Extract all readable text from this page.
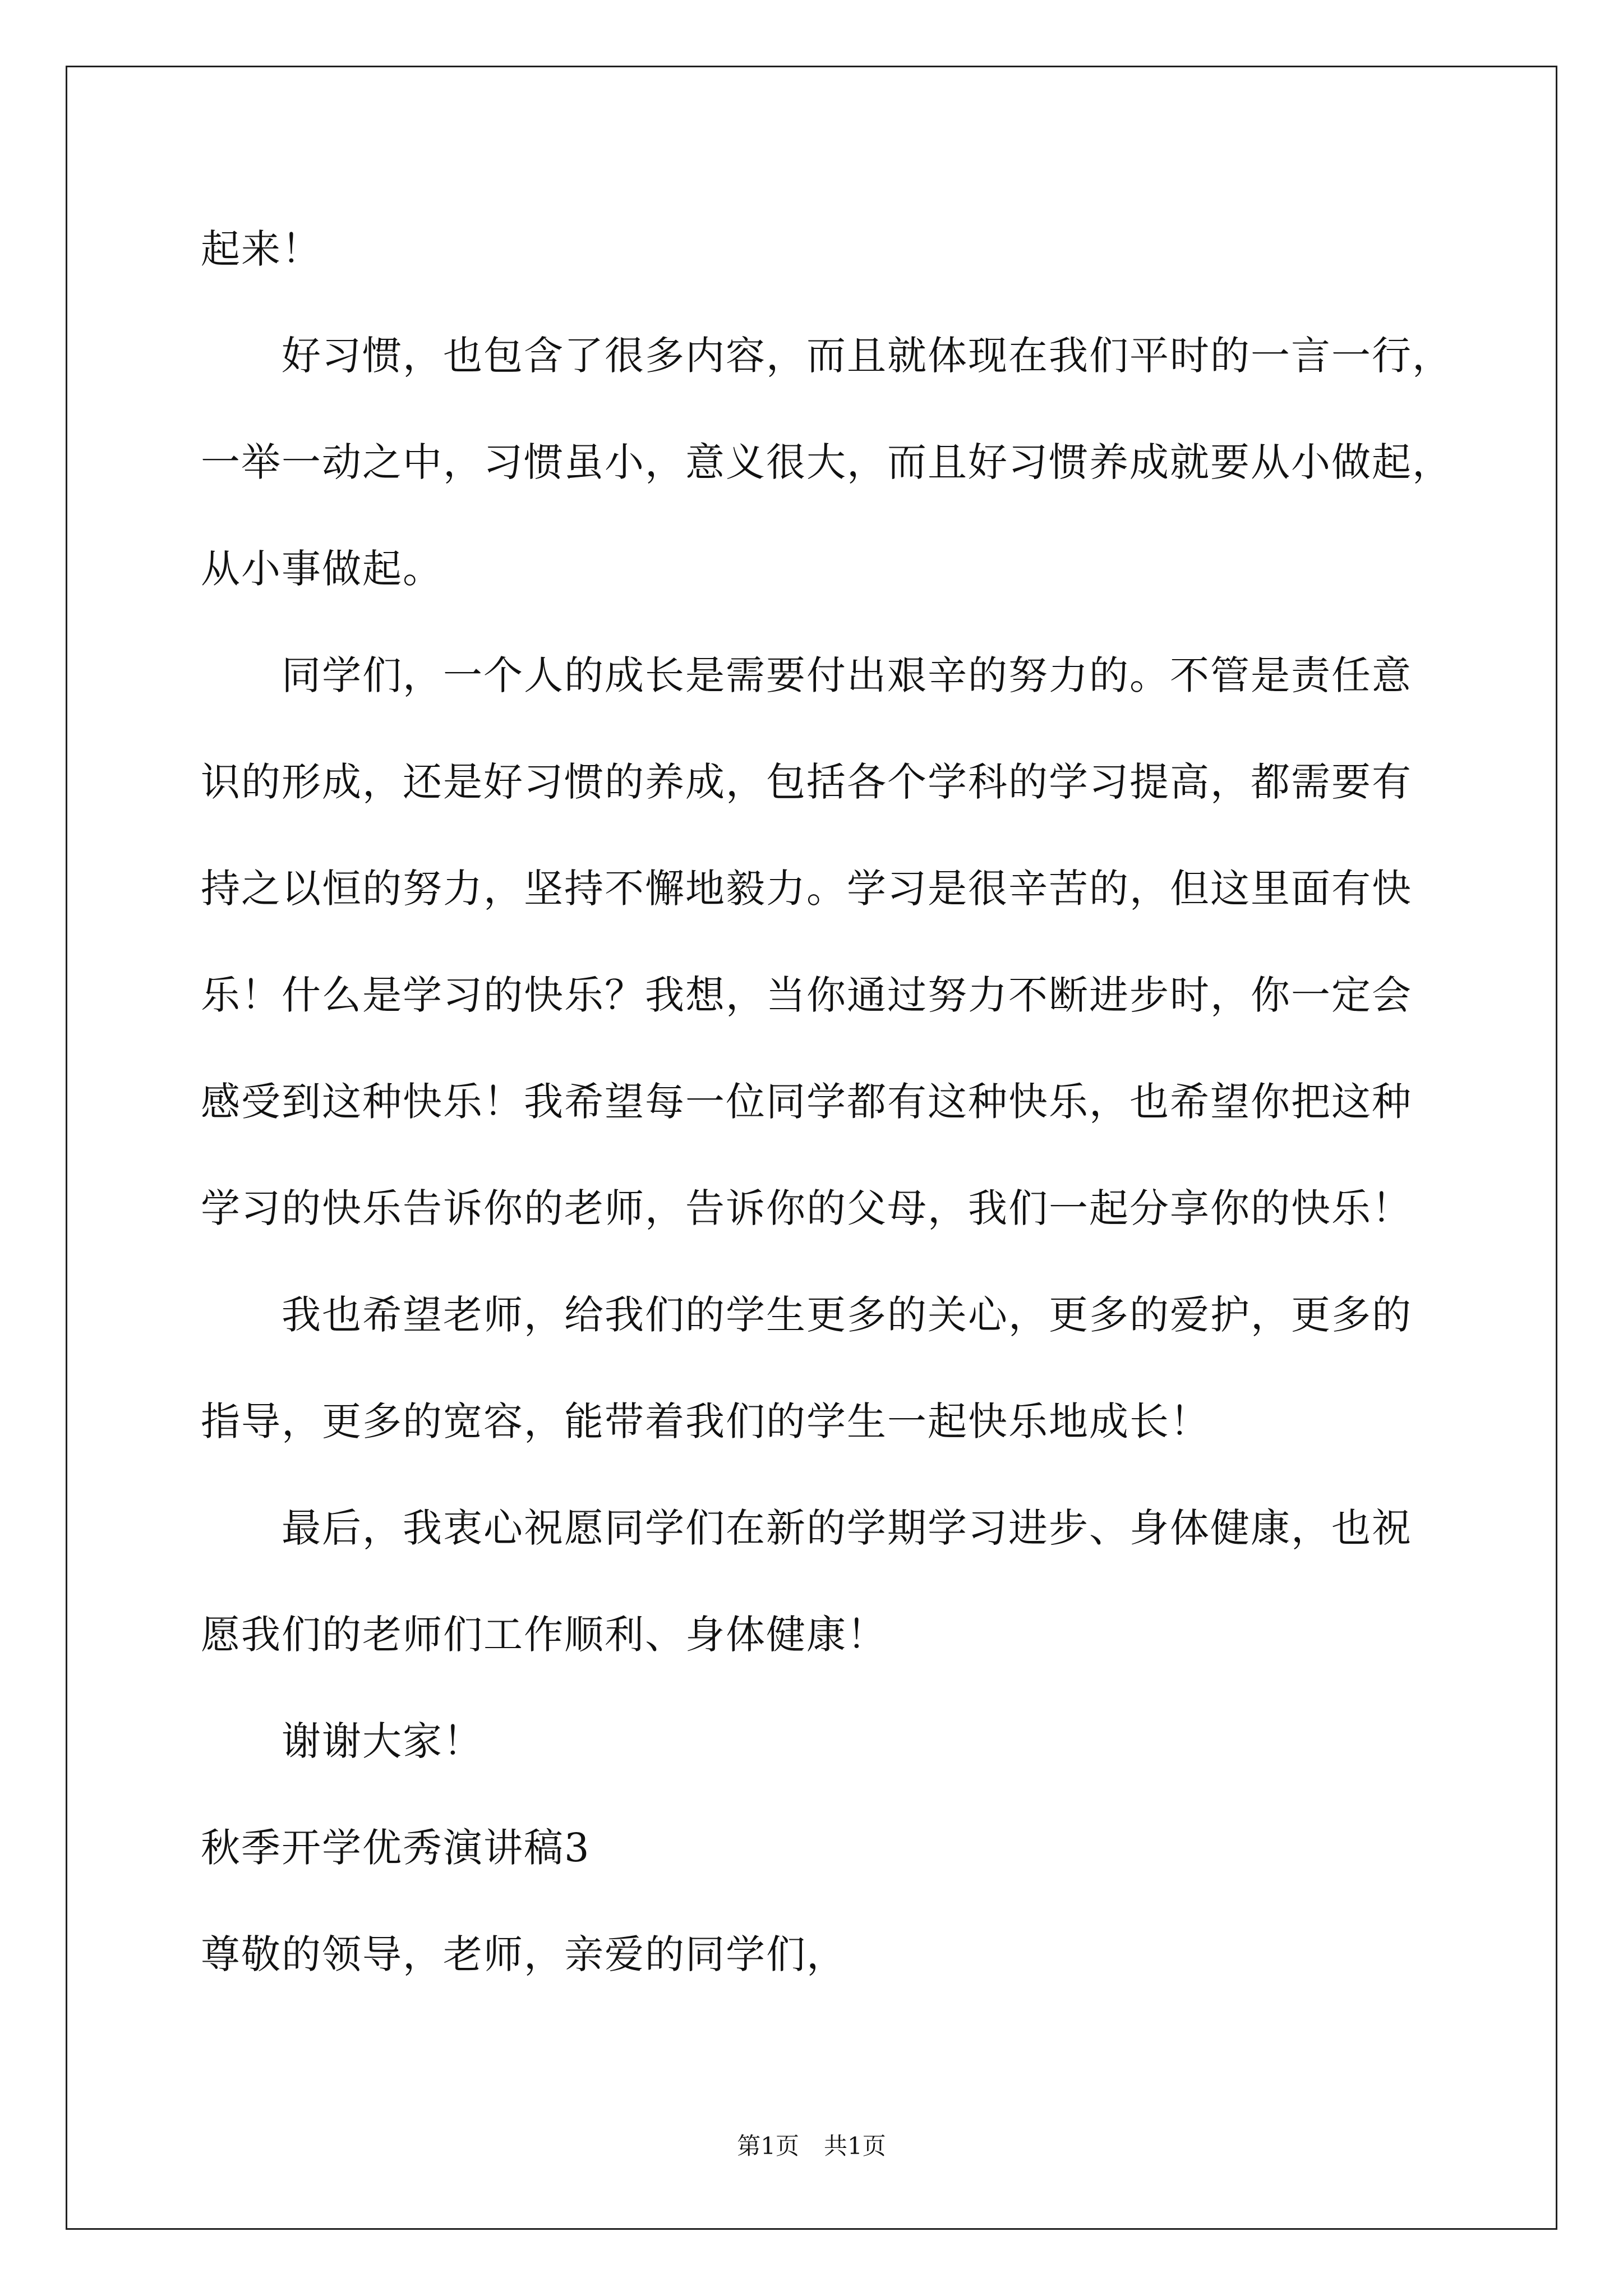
起来！
好习惯，也包含了很多内容，而且就体现在我们平时的一言一行，
一举一动之中，习惯虽小，意义很大，而且好习惯养成就要从小做起，
从小事做起。
同学们，一个人的成长是需要付出艰辛的努力的。不管是责任意
识的形成，还是好习惯的养成，包括各个学科的学习提高，都需要有
持之以恒的努力，坚持不懈地毅力。学习是很辛苦的，但这里面有快
乐！什么是学习的快乐？我想，当你通过努力不断进步时，你一定会
感受到这种快乐！我希望每一位同学都有这种快乐，也希望你把这种
学习的快乐告诉你的老师，告诉你的父母，我们一起分享你的快乐！
我也希望老师，给我们的学生更多的关心，更多的爱护，更多的
指导，更多的宽容，能带着我们的学生一起快乐地成长！
最后，我衷心祝愿同学们在新的学期学习进步、身体健康，也祝
愿我们的老师们工作顺利、身体健康！
谢谢大家！
秋季开学优秀演讲稿3
尊敬的领导，老师，亲爱的同学们，
第1页 共1页
